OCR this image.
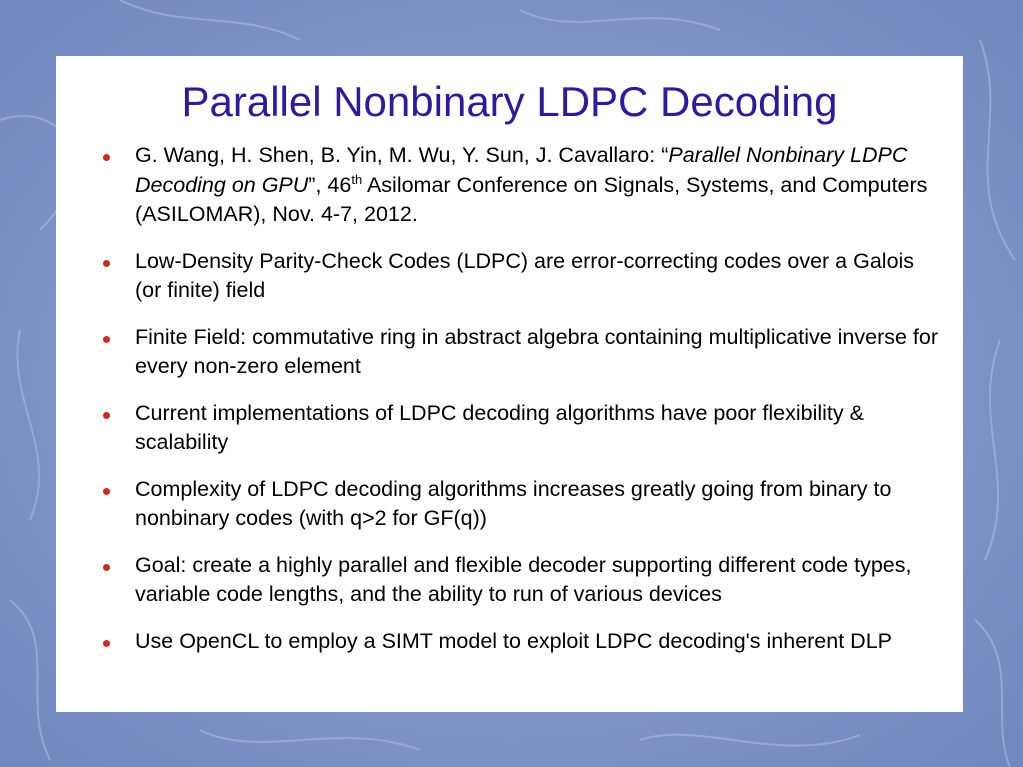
Parallel Nonbinary LDPC Decoding
G. Wang, H. Shen, B. Yin, M. Wu, Y. Sun, J. Cavallaro: “Parallel Nonbinary LDPC Decoding on GPU”, 46th Asilomar Conference on Signals, Systems, and Computers (ASILOMAR), Nov. 4-7, 2012.
Low-Density Parity-Check Codes (LDPC) are error-correcting codes over a Galois (or finite) field
Finite Field: commutative ring in abstract algebra containing multiplicative inverse for every non-zero element
Current implementations of LDPC decoding algorithms have poor flexibility & scalability
Complexity of LDPC decoding algorithms increases greatly going from binary to nonbinary codes (with q>2 for GF(q))
Goal: create a highly parallel and flexible decoder supporting different code types, variable code lengths, and the ability to run of various devices
Use OpenCL to employ a SIMT model to exploit LDPC decoding's inherent DLP
